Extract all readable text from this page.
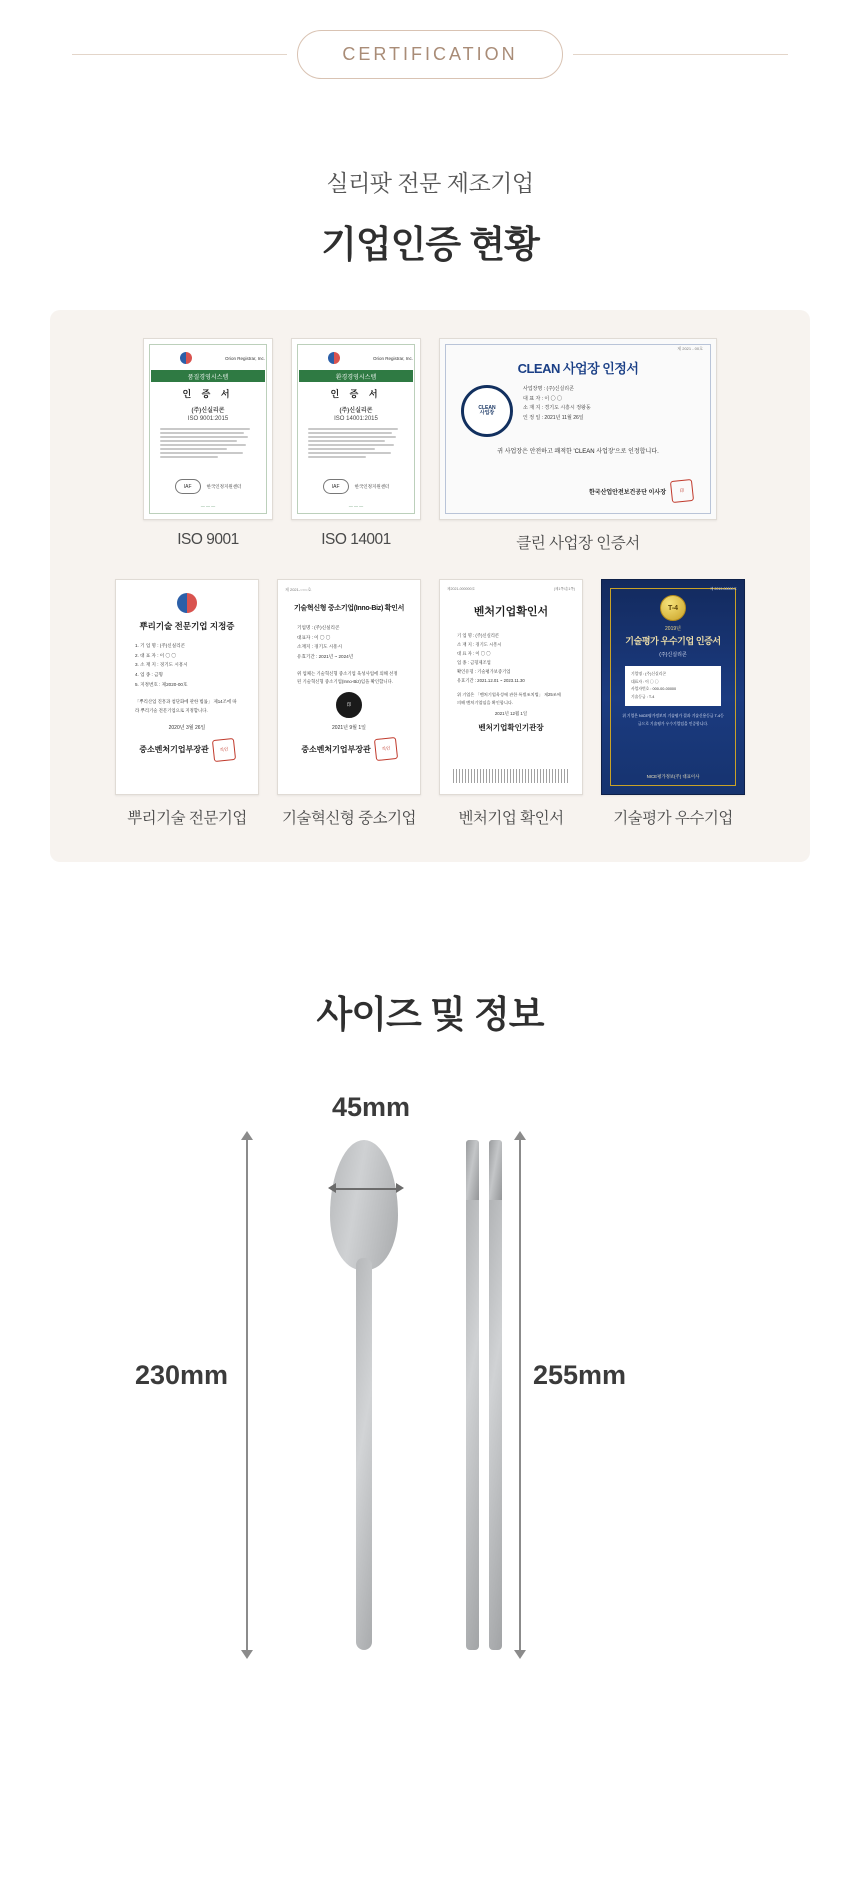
CERTIFICATION
실리팟 전문 제조기업
기업인증 현황
Orion Registrar, Inc.
품질경영시스템
인 증 서
(주)신실리콘
ISO 9001:2015
IAF	한국인정지원센터
— — —
ISO 9001
Orion Registrar, Inc.
환경경영시스템
인 증 서
(주)신실리콘
ISO 14001:2015
IAF	한국인정지원센터
— — —
ISO 14001
제 2021 - 00호
CLEAN 사업장 인정서
CLEAN
사업장
사업장명 : (주)신실리콘
대 표 자 : 이 〇 〇
소 재 지 : 경기도 시흥시 정왕동
인 정 일 : 2021년 11월 26일
귀 사업장은 안전하고 쾌적한 'CLEAN 사업장'으로 인정합니다.
한국산업안전보건공단 이사장	印
클린 사업장 인증서
뿌리기술 전문기업 지정증
1. 기 업 명 : (주)신실리콘
2. 대 표 자 : 이 〇 〇
3. 소 재 지 : 경기도 시흥시
4. 업 종 : 금형
5. 지정번호 : 제2020-00호
「뿌리산업 진흥과 첨단화에 관한 법률」 제14조에 따라 뿌리기술 전문기업으로 지정합니다.
2020년 3월 26일
중소벤처기업부장관	직인
뿌리기술 전문기업
제 2021-○○○호
기술혁신형 중소기업(Inno-Biz) 확인서
기업명 : (주)신실리콘
대표자 : 이 〇 〇
소재지 : 경기도 시흥시
유효기간 : 2021년 ~ 2024년
위 업체는 기술혁신형 중소기업 육성사업에 의해 선정된 기술혁신형 중소기업(Inno-Biz)임을 확인합니다.
印
2021년 9월 1일
중소벤처기업부장관	직인
기술혁신형 중소기업
제2021-000000호	(제1쪽/총1쪽)
벤처기업확인서
기 업 명 : (주)신실리콘
소 재 지 : 경기도 시흥시
대 표 자 : 이 〇 〇
업 종 : 금형제조업
확인유형 : 기술평가보증기업
유효기간 : 2021.12.01 ~ 2023.11.30
위 기업은 「벤처기업육성에 관한 특별조치법」 제25조에 의해 벤처기업임을 확인합니다.
2021년 12월 1일
벤처기업확인기관장
벤처기업 확인서
제 2019-00000호
T-4
2019년
기술평가 우수기업 인증서
(주)신실리콘
기업명 : (주)신실리콘
대표자 : 이 〇 〇
사업자번호 : 000-00-00000
기술등급 : T-4
위 기업은 NICE평가정보의 기술평가 결과 기술신용등급 T-4등급으로 기술평가 우수기업임을 인증합니다.
NICE평가정보(주) 대표이사
기술평가 우수기업
사이즈 및 정보
45mm
230mm	255mm
